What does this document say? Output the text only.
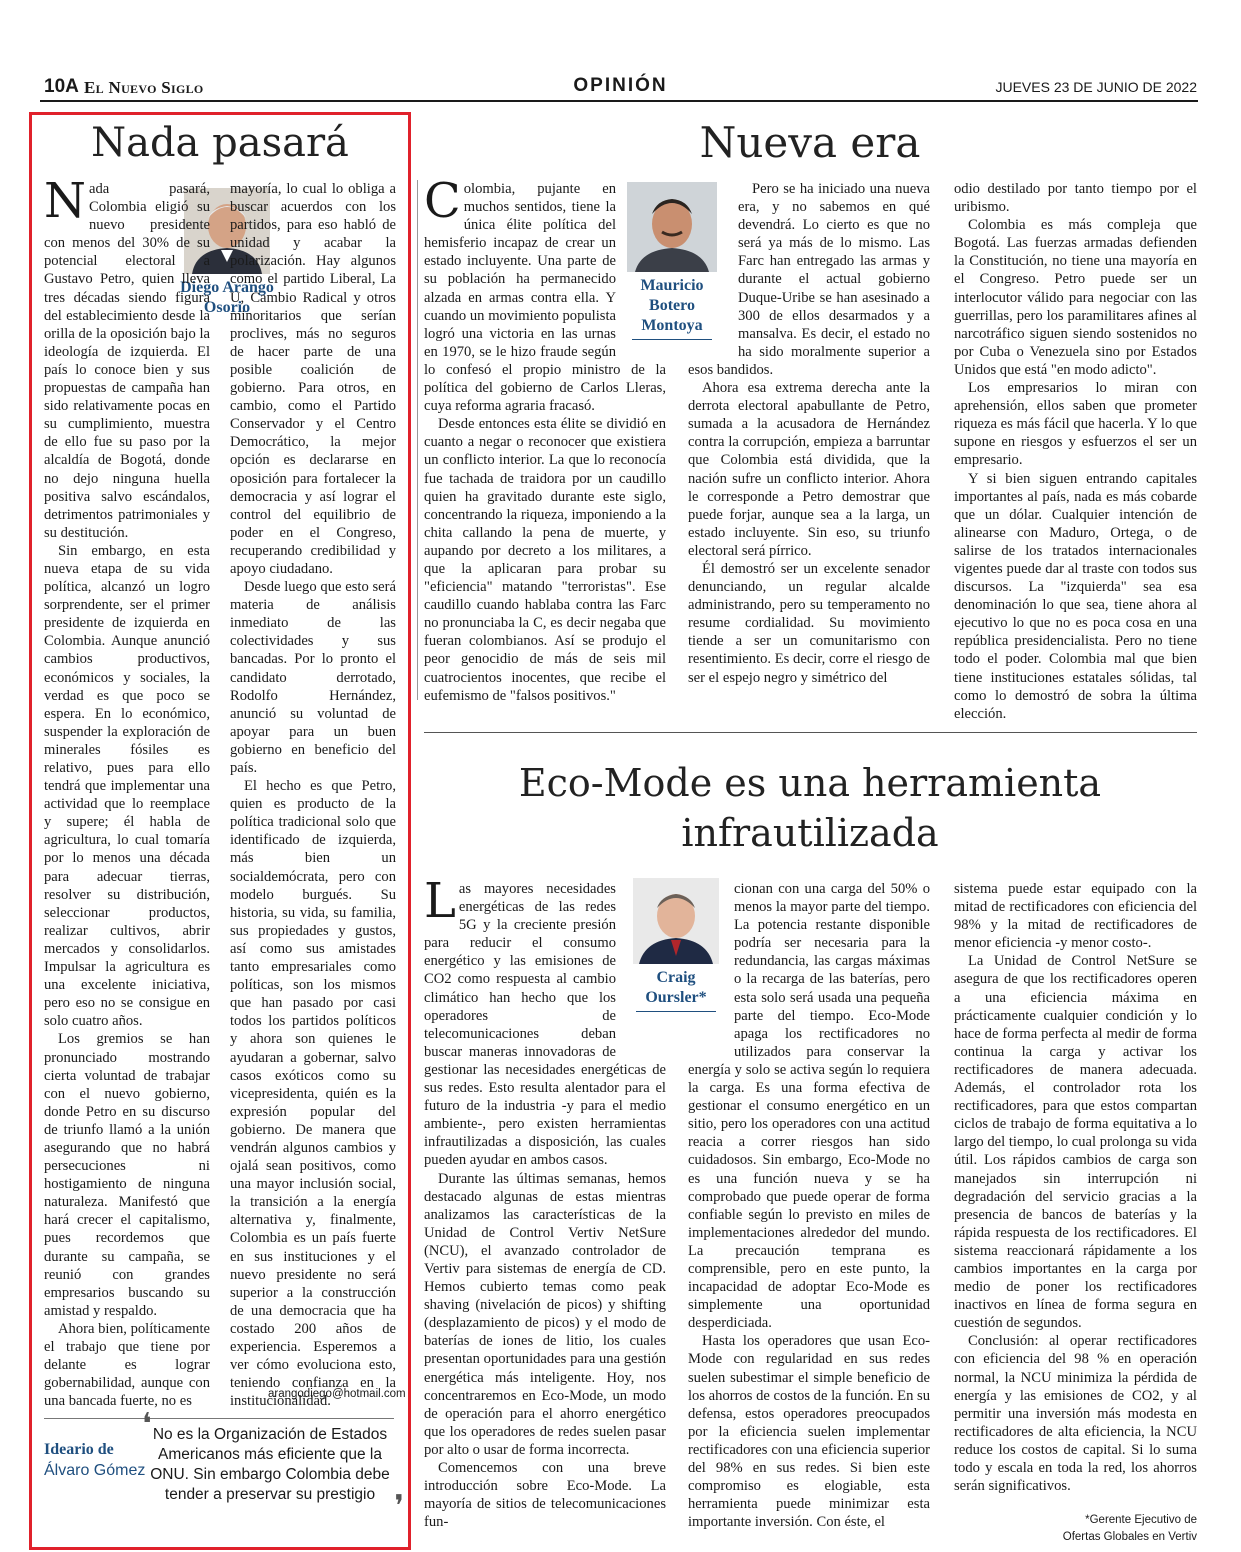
10A El Nuevo Siglo	OPINIÓN	JUEVES 23 DE JUNIO DE 2022
Nada pasará
Diego Arango
Osorio

Nada pasará, Colombia eligió su nuevo presidente con menos del 30% de su potencial electoral a Gustavo Petro, quien lleva tres décadas siendo figura del establecimiento desde la orilla de la oposición bajo la ideología de izquierda. El país lo conoce bien y sus propuestas de campaña han sido relativamente pocas en su cumplimiento, muestra de ello fue su paso por la alcaldía de Bogotá, donde no dejo ninguna huella positiva salvo escándalos, detrimentos patrimoniales y su destitución.

Sin embargo, en esta nueva etapa de su vida política, alcanzó un logro sorprendente, ser el primer presidente de izquierda en Colombia. Aunque anunció cambios productivos, económicos y sociales, la verdad es que poco se espera. En lo económico, suspender la exploración de minerales fósiles es relativo, pues para ello tendrá que implementar una actividad que lo reemplace y supere; él habla de agricultura, lo cual tomaría por lo menos una década para adecuar tierras, resolver su distribución, seleccionar productos, realizar cultivos, abrir mercados y consolidarlos. Impulsar la agricultura es una excelente iniciativa, pero eso no se consigue en solo cuatro años.

Los gremios se han pronunciado mostrando cierta voluntad de trabajar con el nuevo gobierno, donde Petro en su discurso de triunfo llamó a la unión asegurando que no habrá persecuciones ni hostigamiento de ninguna naturaleza. Manifestó que hará crecer el capitalismo, pues recordemos que durante su campaña, se reunió con grandes empresarios buscando su amistad y respaldo.

Ahora bien, políticamente el trabajo que tiene por delante es lograr gobernabilidad, aunque con una bancada fuerte, no es

mayoría, lo cual lo obliga a buscar acuerdos con los partidos, para eso habló de unidad y acabar la polarización. Hay algunos como el partido Liberal, La U, Cambio Radical y otros minoritarios que serían proclives, más no seguros de hacer parte de una posible coalición de gobierno. Para otros, en cambio, como el Partido Conservador y el Centro Democrático, la mejor opción es declararse en oposición para fortalecer la democracia y así lograr el control del equilibrio de poder en el Congreso, recuperando credibilidad y apoyo ciudadano.

Desde luego que esto será materia de análisis inmediato de las colectividades y sus bancadas. Por lo pronto el candidato derrotado, Rodolfo Hernández, anunció su voluntad de apoyar para un buen gobierno en beneficio del país.

El hecho es que Petro, quien es producto de la política tradicional solo que identificado de izquierda, más bien un socialdemócrata, pero con modelo burgués. Su historia, su vida, su familia, sus propiedades y gustos, así como sus amistades tanto empresariales como políticas, son los mismos que han pasado por casi todos los partidos políticos y ahora son quienes le ayudaran a gobernar, salvo casos exóticos como su vicepresidenta, quién es la expresión popular del gobierno. De manera que vendrán algunos cambios y ojalá sean positivos, como una mayor inclusión social, la transición a la energía alternativa y, finalmente, Colombia es un país fuerte en sus instituciones y el nuevo presidente no será superior a la construcción de una democracia que ha costado 200 años de experiencia. Esperemos a ver cómo evoluciona esto, teniendo confianza en la institucionalidad.

arangodiego@hotmail.com
Ideario de
Álvaro Gómez
❛ No es la Organización de Estados Americanos más eficiente que la ONU. Sin embargo Colombia debe tender a preservar su prestigio ❜
Nueva era
Mauricio
Botero
Montoya

Colombia, pujante en muchos sentidos, tiene la única élite política del hemisferio incapaz de crear un estado incluyente. Una parte de su población ha permanecido alzada en armas contra ella. Y cuando un movimiento populista logró una victoria en las urnas en 1970, se le hizo fraude según lo confesó el propio ministro de la política del gobierno de Carlos Lleras, cuya reforma agraria fracasó.

Desde entonces esta élite se dividió en cuanto a negar o reconocer que existiera un conflicto interior. La que lo reconocía fue tachada de traidora por un caudillo quien ha gravitado durante este siglo, concentrando la riqueza, imponiendo a la chita callando la pena de muerte, y aupando por decreto a los militares, a que la aplicaran para probar su "eficiencia" matando "terroristas". Ese caudillo cuando hablaba contra las Farc no pronunciaba la C, es decir negaba que fueran colombianos. Así se produjo el peor genocidio de más de seis mil cuatrocientos inocentes, que recibe el eufemismo de "falsos positivos."

Pero se ha iniciado una nueva era, y no sabemos en qué devendrá. Lo cierto es que no será ya más de lo mismo. Las Farc han entregado las armas y durante el actual gobierno Duque-Uribe se han asesinado a 300 de ellos desarmados y a mansalva. Es decir, el estado no ha sido moralmente superior a esos bandidos.

Ahora esa extrema derecha ante la derrota electoral apabullante de Petro, sumada a la acusadora de Hernández contra la corrupción, empieza a barruntar que Colombia está dividida, que la nación sufre un conflicto interior. Ahora le corresponde a Petro demostrar que puede forjar, aunque sea a la larga, un estado incluyente. Sin eso, su triunfo electoral será pírrico.

Él demostró ser un excelente senador denunciando, un regular alcalde administrando, pero su temperamento no resume cordialidad. Su movimiento tiende a ser un comunitarismo con resentimiento. Es decir, corre el riesgo de ser el espejo negro y simétrico del

odio destilado por tanto tiempo por el uribismo.

Colombia es más compleja que Bogotá. Las fuerzas armadas defienden la Constitución, no tiene una mayoría en el Congreso. Petro puede ser un interlocutor válido para negociar con las guerrillas, pero los paramilitares afines al narcotráfico siguen siendo sostenidos no por Cuba o Venezuela sino por Estados Unidos que está "en modo adicto".

Los empresarios lo miran con aprehensión, ellos saben que prometer riqueza es más fácil que hacerla. Y lo que supone en riesgos y esfuerzos el ser un empresario.

Y si bien siguen entrando capitales importantes al país, nada es más cobarde que un dólar. Cualquier intención de alinearse con Maduro, Ortega, o de salirse de los tratados internacionales vigentes puede dar al traste con todos sus discursos. La "izquierda" sea esa denominación lo que sea, tiene ahora al ejecutivo lo que no es poca cosa en una república presidencialista. Pero no tiene todo el poder. Colombia mal que bien tiene instituciones estatales sólidas, tal como lo demostró de sobra la última elección.

Eco-Mode es una herramienta
infrautilizada
Craig
Oursler*

Las mayores necesidades energéticas de las redes 5G y la creciente presión para reducir el consumo energético y las emisiones de CO2 como respuesta al cambio climático han hecho que los operadores de telecomunicaciones deban buscar maneras innovadoras de gestionar las necesidades energéticas de sus redes. Esto resulta alentador para el futuro de la industria -y para el medio ambiente-, pero existen herramientas infrautilizadas a disposición, las cuales pueden ayudar en ambos casos.

Durante las últimas semanas, hemos destacado algunas de estas mientras analizamos las características de la Unidad de Control Vertiv NetSure (NCU), el avanzado controlador de Vertiv para sistemas de energía de CD. Hemos cubierto temas como peak shaving (nivelación de picos) y shifting (desplazamiento de picos) y el modo de baterías de iones de litio, los cuales presentan oportunidades para una gestión energética más inteligente. Hoy, nos concentraremos en Eco-Mode, un modo de operación para el ahorro energético que los operadores de redes suelen pasar por alto o usar de forma incorrecta.

Comencemos con una breve introducción sobre Eco-Mode. La mayoría de sitios de telecomunicaciones fun-

cionan con una carga del 50% o menos la mayor parte del tiempo. La potencia restante disponible podría ser necesaria para la redundancia, las cargas máximas o la recarga de las baterías, pero esta solo será usada una pequeña parte del tiempo. Eco-Mode apaga los rectificadores no utilizados para conservar la energía y solo se activa según lo requiera la carga. Es una forma efectiva de gestionar el consumo energético en un sitio, pero los operadores con una actitud reacia a correr riesgos han sido cuidadosos. Sin embargo, Eco-Mode no es una función nueva y se ha comprobado que puede operar de forma confiable según lo previsto en miles de implementaciones alrededor del mundo. La precaución temprana es comprensible, pero en este punto, la incapacidad de adoptar Eco-Mode es simplemente una oportunidad desperdiciada.

Hasta los operadores que usan Eco-Mode con regularidad en sus redes suelen subestimar el simple beneficio de los ahorros de costos de la función. En su defensa, estos operadores preocupados por la eficiencia suelen implementar rectificadores con una eficiencia superior del 98% en sus redes. Si bien este compromiso es elogiable, esta herramienta puede minimizar esta importante inversión. Con éste, el

sistema puede estar equipado con la mitad de rectificadores con eficiencia del 98% y la mitad de rectificadores de menor eficiencia -y menor costo-.

La Unidad de Control NetSure se asegura de que los rectificadores operen a una eficiencia máxima en prácticamente cualquier condición y lo hace de forma perfecta al medir de forma continua la carga y activar los rectificadores de manera adecuada. Además, el controlador rota los rectificadores, para que estos compartan ciclos de trabajo de forma equitativa a lo largo del tiempo, lo cual prolonga su vida útil. Los rápidos cambios de carga son manejados sin interrupción ni degradación del servicio gracias a la presencia de bancos de baterías y la rápida respuesta de los rectificadores. El sistema reaccionará rápidamente a los cambios importantes en la carga por medio de poner los rectificadores inactivos en línea de forma segura en cuestión de segundos.

Conclusión: al operar rectificadores con eficiencia del 98 % en operación normal, la NCU minimiza la pérdida de energía y las emisiones de CO2, y al permitir una inversión más modesta en rectificadores de alta eficiencia, la NCU reduce los costos de capital. Si lo suma todo y escala en toda la red, los ahorros serán significativos.

*Gerente Ejecutivo de
Ofertas Globales en Vertiv
